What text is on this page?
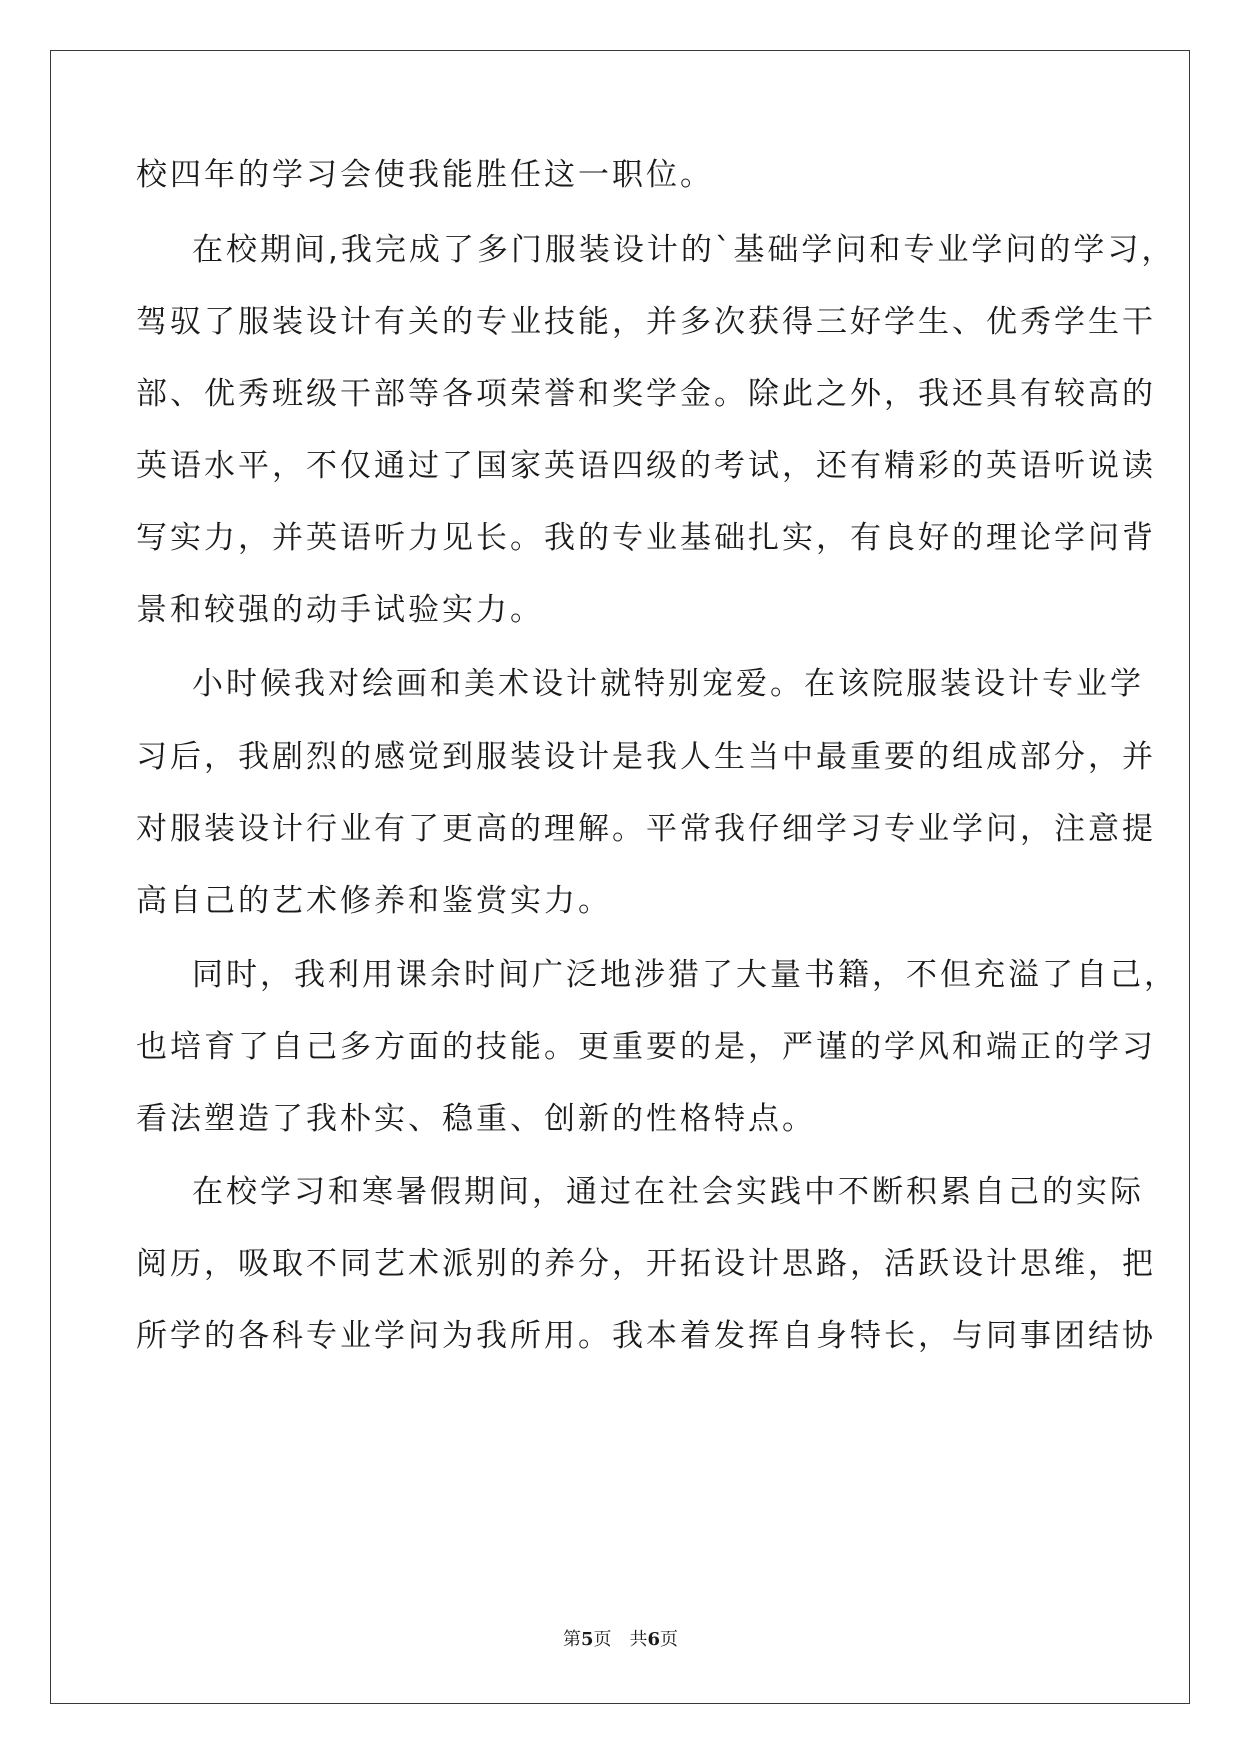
校四年的学习会使我能胜任这一职位。
在校期间,我完成了多门服装设计的`基础学问和专业学问的学习，
驾驭了服装设计有关的专业技能，并多次获得三好学生、优秀学生干
部、优秀班级干部等各项荣誉和奖学金。除此之外，我还具有较高的
英语水平，不仅通过了国家英语四级的考试，还有精彩的英语听说读
写实力，并英语听力见长。我的专业基础扎实，有良好的理论学问背
景和较强的动手试验实力。
小时候我对绘画和美术设计就特别宠爱。在该院服装设计专业学
习后，我剧烈的感觉到服装设计是我人生当中最重要的组成部分，并
对服装设计行业有了更高的理解。平常我仔细学习专业学问，注意提
高自己的艺术修养和鉴赏实力。
同时，我利用课余时间广泛地涉猎了大量书籍，不但充溢了自己，
也培育了自己多方面的技能。更重要的是，严谨的学风和端正的学习
看法塑造了我朴实、稳重、创新的性格特点。
在校学习和寒暑假期间，通过在社会实践中不断积累自己的实际
阅历，吸取不同艺术派别的养分，开拓设计思路，活跃设计思维，把
所学的各科专业学问为我所用。我本着发挥自身特长，与同事团结协
第5页 共6页
